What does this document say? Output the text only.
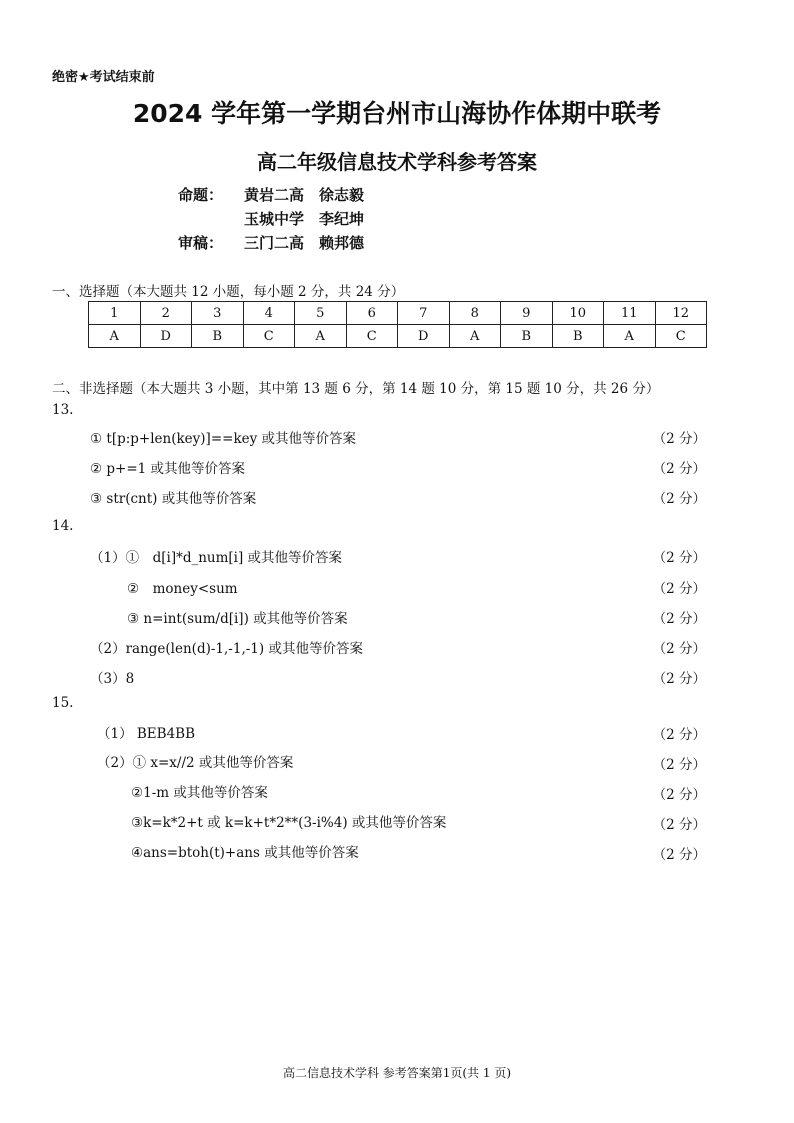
绝密★考试结束前
2024 学年第一学期台州市山海协作体期中联考
高二年级信息技术学科参考答案
命题： 黄岩二高　徐志毅
玉城中学　李纪坤
审稿： 三门二高　赖邦德
一、选择题（本大题共 12 小题，每小题 2 分，共 24 分）
1	2	3	4	5	6	7	8	9	10	11	12
A	D	B	C	A	C	D	A	B	B	A	C
二、非选择题（本大题共 3 小题，其中第 13 题 6 分，第 14 题 10 分，第 15 题 10 分，共 26 分）
13.
① t[p:p+len(key)]==key 或其他等价答案	（2 分）
② p+=1 或其他等价答案	（2 分）
③ str(cnt) 或其他等价答案	（2 分）
14.
（1）①　d[i]*d_num[i] 或其他等价答案	（2 分）
②　money<sum	（2 分）
③ n=int(sum/d[i]) 或其他等价答案	（2 分）
（2）range(len(d)-1,-1,-1) 或其他等价答案	（2 分）
（3）8	（2 分）
15.
（1） BEB4BB	（2 分）
（2）① x=x//2 或其他等价答案	（2 分）
②1-m 或其他等价答案	（2 分）
③k=k*2+t 或 k=k+t*2**(3-i%4) 或其他等价答案	（2 分）
④ans=btoh(t)+ans 或其他等价答案	（2 分）
高二信息技术学科 参考答案第1页(共 1 页)
